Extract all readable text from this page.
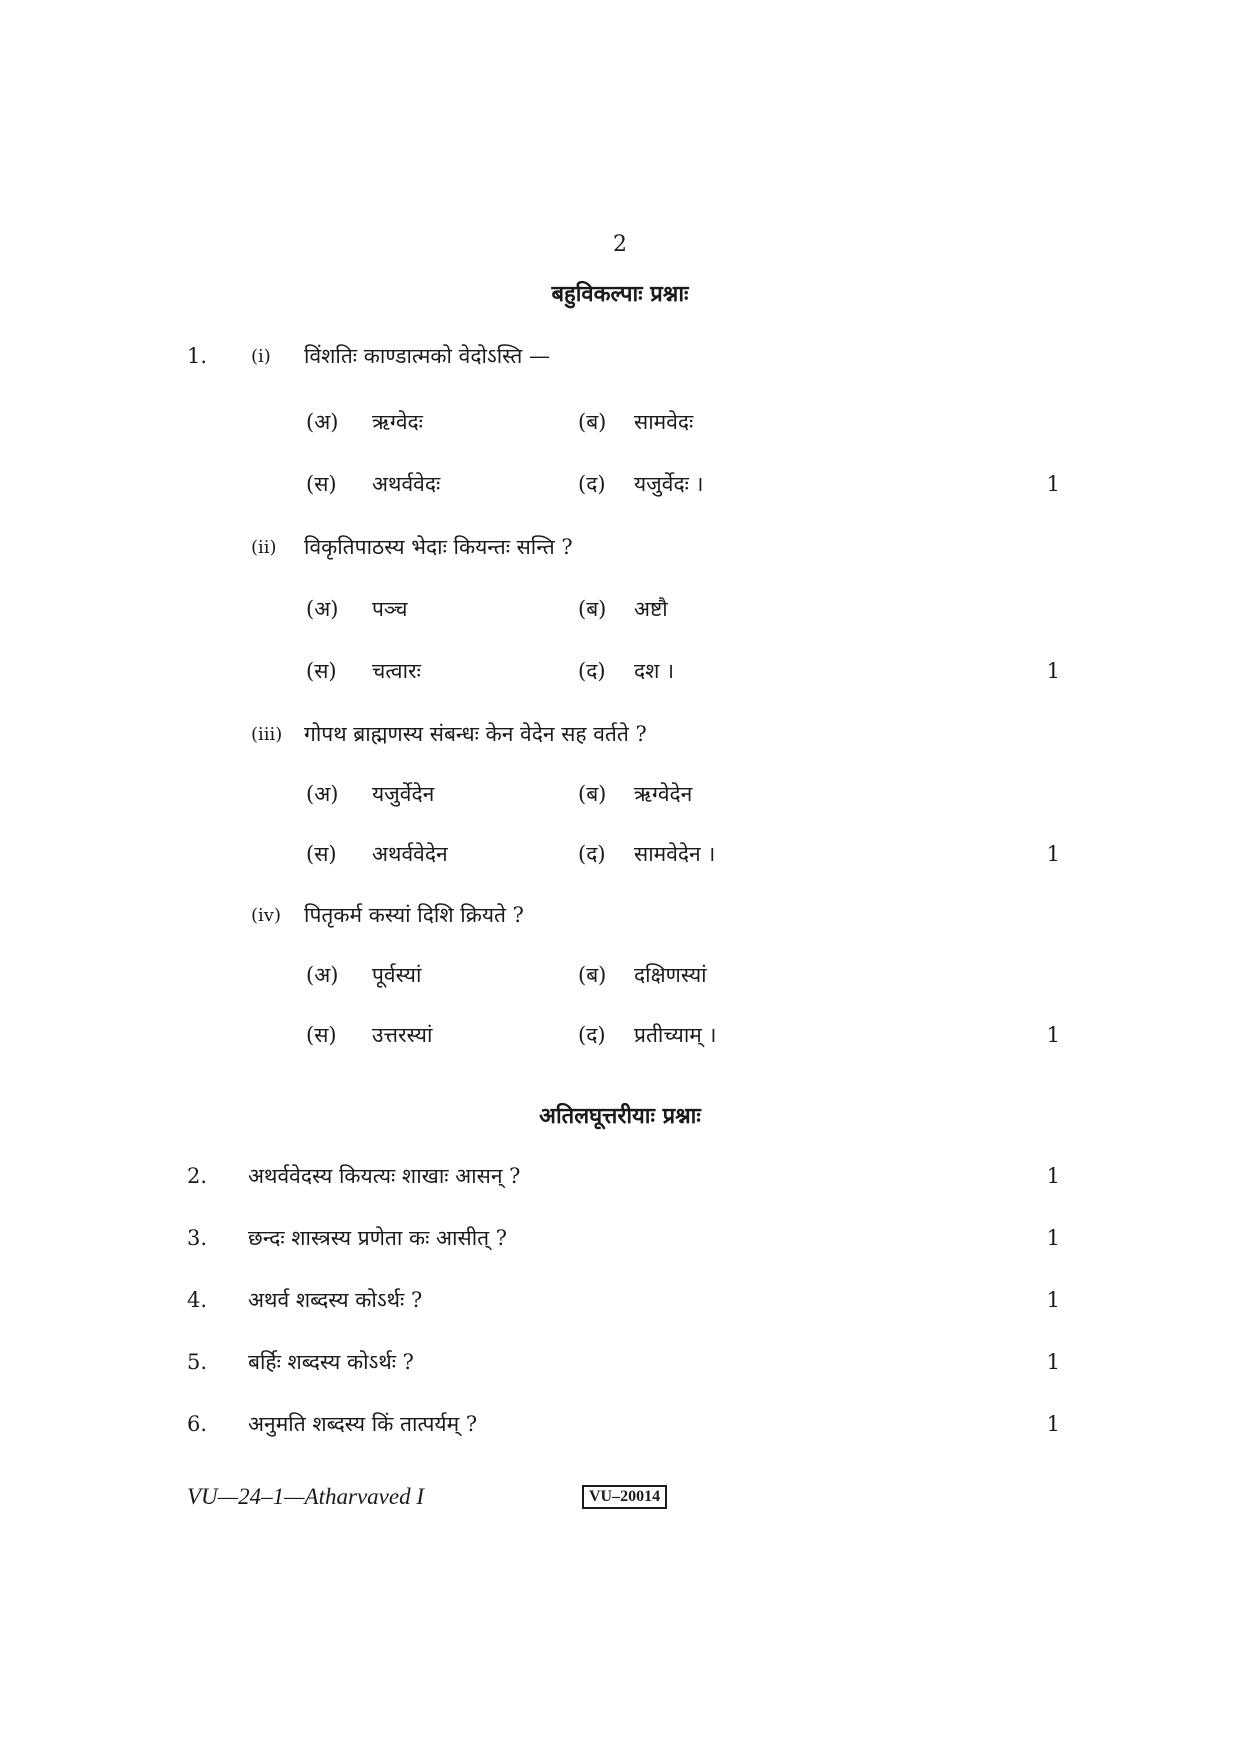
2
बहुविकल्पाः प्रश्नाः
1. (i) विंशतिः काण्डात्मको वेदोऽस्ति —
(अ) ऋग्वेदः	(ब) सामवेदः
(स) अथर्ववेदः	(द) यजुर्वेदः ।	1
(ii) विकृतिपाठस्य भेदाः कियन्तः सन्ति ?
(अ) पञ्च	(ब) अष्टौ
(स) चत्वारः	(द) दश ।	1
(iii) गोपथ ब्राह्मणस्य संबन्धः केन वेदेन सह वर्तते ?
(अ) यजुर्वेदेन	(ब) ऋग्वेदेन
(स) अथर्ववेदेन	(द) सामवेदेन ।	1
(iv) पितृकर्म कस्यां दिशि क्रियते ?
(अ) पूर्वस्यां	(ब) दक्षिणस्यां
(स) उत्तरस्यां	(द) प्रतीच्याम् ।	1
अतिलघूत्तरीयाः प्रश्नाः
2. अथर्ववेदस्य कियत्यः शाखाः आसन् ?	1
3. छन्दः शास्त्रस्य प्रणेता कः आसीत् ?	1
4. अथर्व शब्दस्य कोऽर्थः ?	1
5. बर्हिः शब्दस्य कोऽर्थः ?	1
6. अनुमति शब्दस्य किं तात्पर्यम् ?	1
VU—24–1—Atharvaved I	VU–20014
